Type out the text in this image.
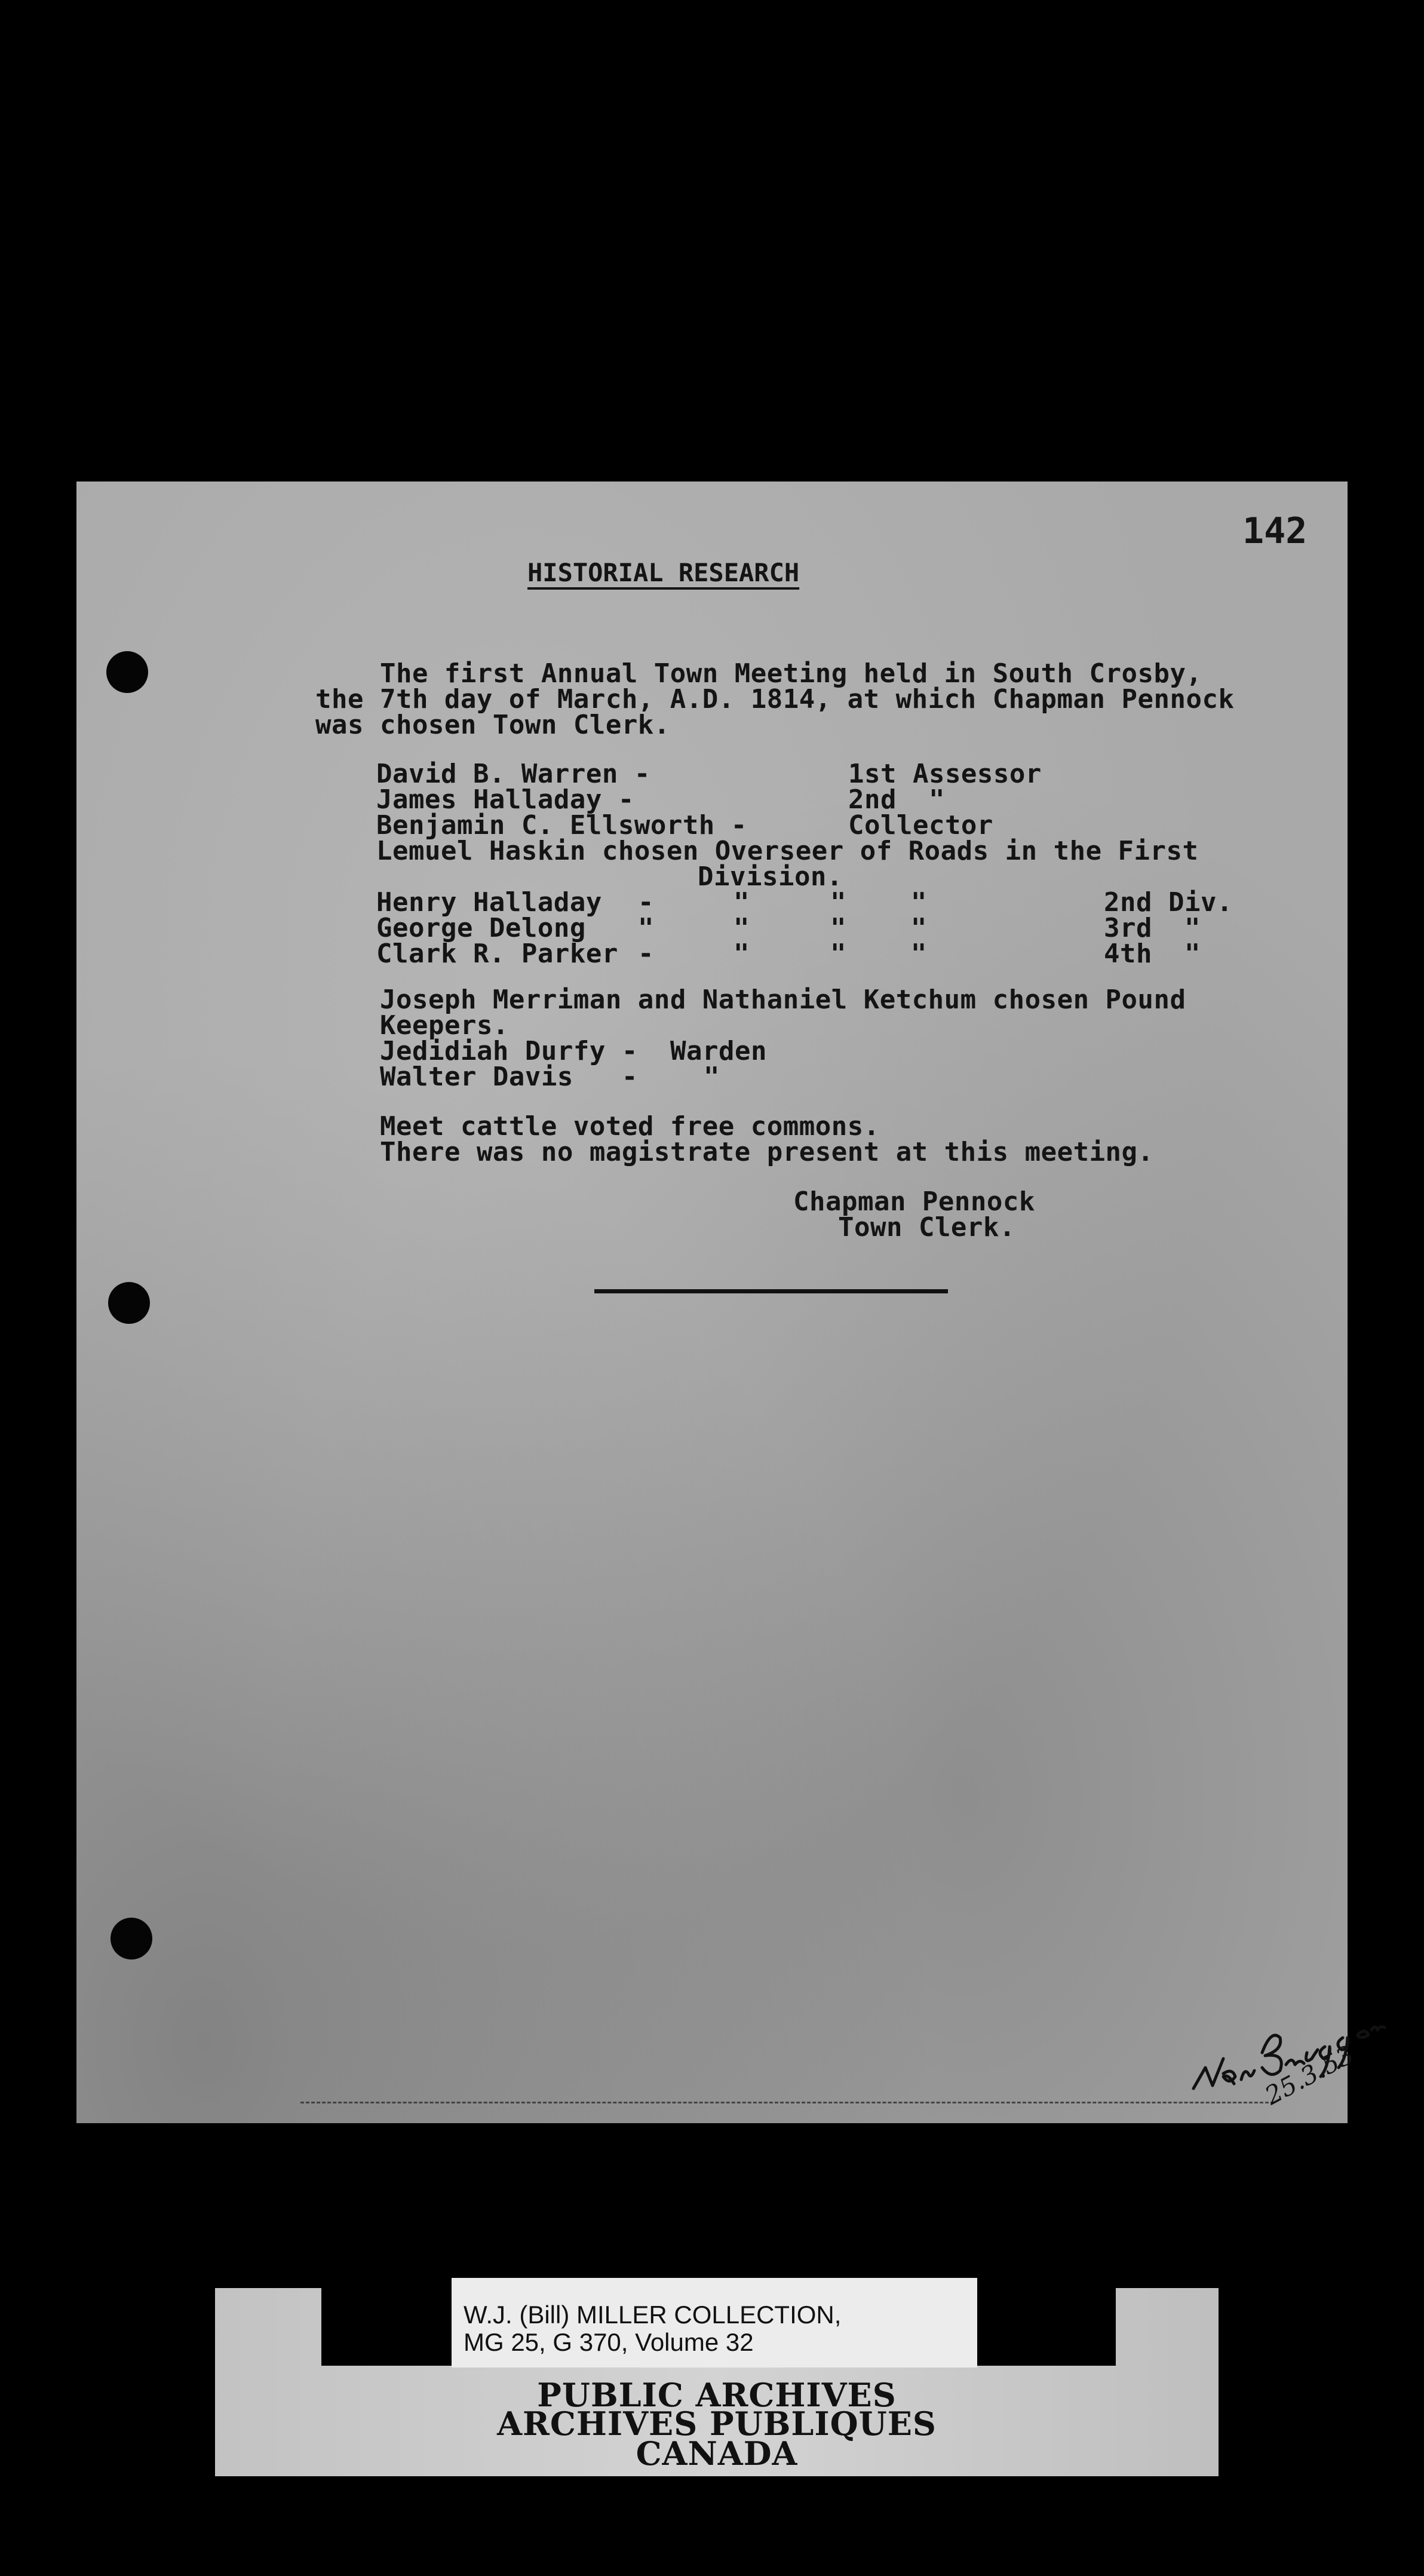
142
HISTORIAL RESEARCH
The first Annual Town Meeting held in South Crosby,
the 7th day of March, A.D. 1814, at which Chapman Pennock
was chosen Town Clerk.
David B. Warren -	1st Assessor
James Halladay -	2nd  "
Benjamin C. Ellsworth -	Collector
Lemuel Haskin chosen Overseer of Roads in the First
Division.
Henry Halladay -	"     "    "	2nd Div.
George Delong "	"     "    "	3rd  "
Clark R. Parker -	"     "    "	4th  "
Joseph Merriman and Nathaniel Ketchum chosen Pound
Keepers.
Jedidiah Durfy - Warden
Walter Davis   -	"
Meet cattle voted free commons.
There was no magistrate present at this meeting.
Chapman Pennock
Town Clerk.
25.3.53
W.J. (Bill) MILLER COLLECTION,
MG 25, G 370, Volume 32
PUBLIC ARCHIVES
ARCHIVES PUBLIQUES
CANADA
